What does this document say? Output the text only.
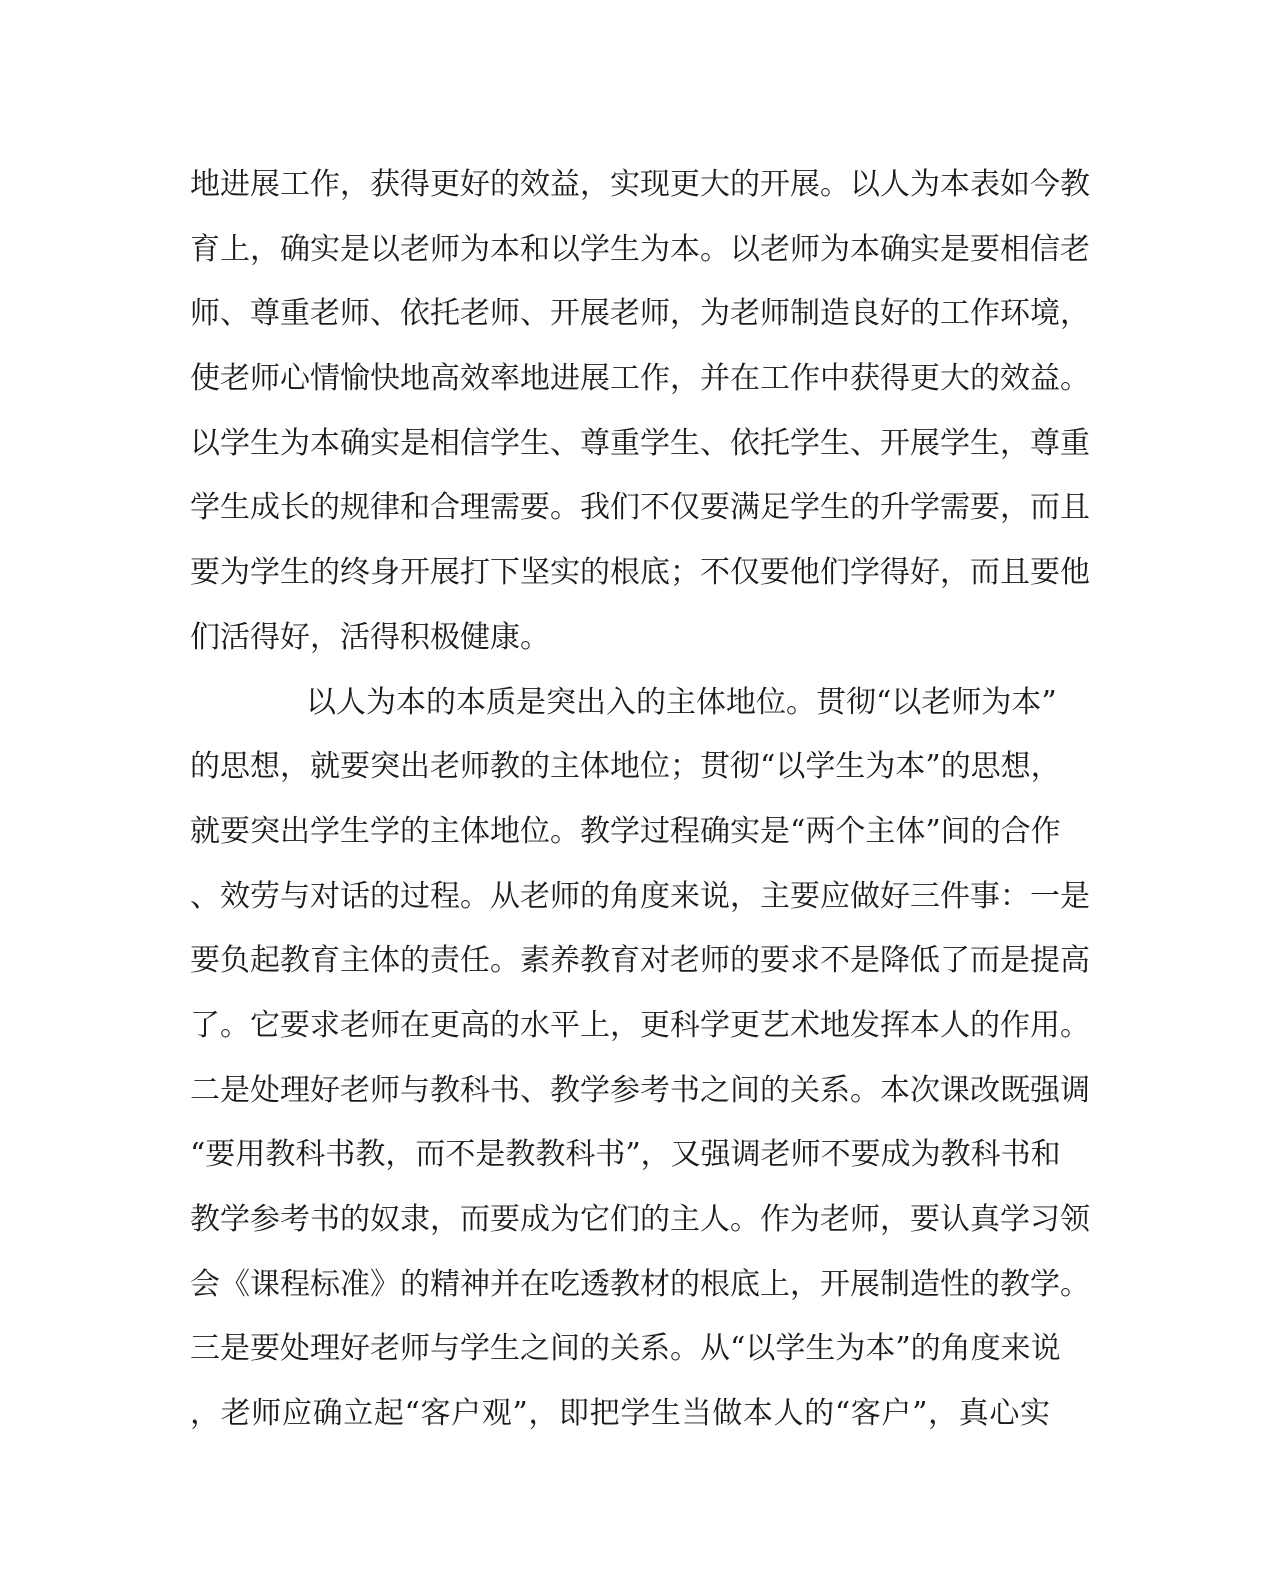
地进展工作，获得更好的效益，实现更大的开展。以人为本表如今教
育上，确实是以老师为本和以学生为本。以老师为本确实是要相信老
师、尊重老师、依托老师、开展老师，为老师制造良好的工作环境，
使老师心情愉快地高效率地进展工作，并在工作中获得更大的效益。
以学生为本确实是相信学生、尊重学生、依托学生、开展学生，尊重
学生成长的规律和合理需要。我们不仅要满足学生的升学需要，而且
要为学生的终身开展打下坚实的根底；不仅要他们学得好，而且要他
们活得好，活得积极健康。
以人为本的本质是突出入的主体地位。贯彻“以老师为本”
的思想，就要突出老师教的主体地位；贯彻“以学生为本”的思想，
就要突出学生学的主体地位。教学过程确实是“两个主体”间的合作
、效劳与对话的过程。从老师的角度来说，主要应做好三件事：一是
要负起教育主体的责任。素养教育对老师的要求不是降低了而是提高
了。它要求老师在更高的水平上，更科学更艺术地发挥本人的作用。
二是处理好老师与教科书、教学参考书之间的关系。本次课改既强调
“要用教科书教，而不是教教科书”，又强调老师不要成为教科书和
教学参考书的奴隶，而要成为它们的主人。作为老师，要认真学习领
会《课程标准》的精神并在吃透教材的根底上，开展制造性的教学。
三是要处理好老师与学生之间的关系。从“以学生为本”的角度来说
，老师应确立起“客户观”，即把学生当做本人的“客户”，真心实
